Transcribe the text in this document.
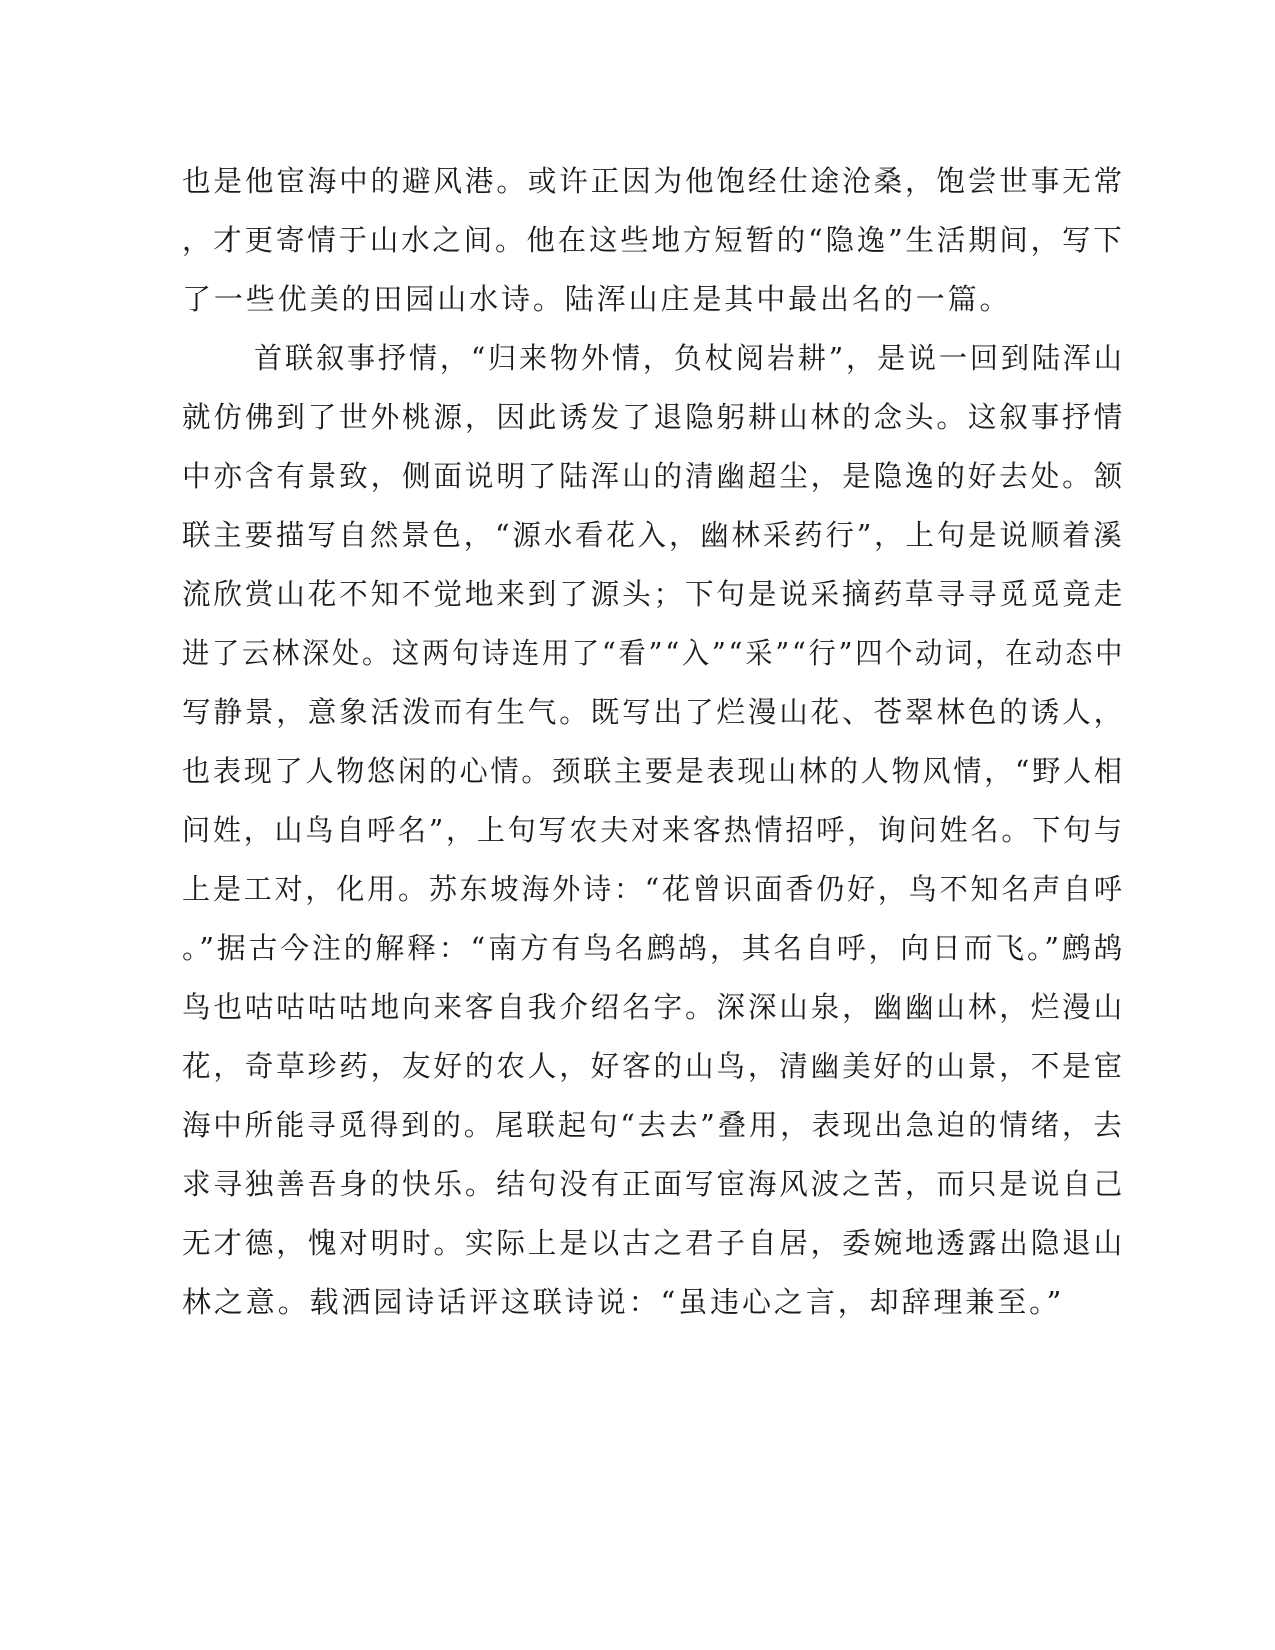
也是他宦海中的避风港。或许正因为他饱经仕途沧桑，饱尝世事无常
，才更寄情于山水之间。他在这些地方短暂的“隐逸”生活期间，写下
了一些优美的田园山水诗。陆浑山庄是其中最出名的一篇。
首联叙事抒情，“归来物外情，负杖阅岩耕”，是说一回到陆浑山
就仿佛到了世外桃源，因此诱发了退隐躬耕山林的念头。这叙事抒情
中亦含有景致，侧面说明了陆浑山的清幽超尘，是隐逸的好去处。颔
联主要描写自然景色，“源水看花入，幽林采药行”，上句是说顺着溪
流欣赏山花不知不觉地来到了源头；下句是说采摘药草寻寻觅觅竟走
进了云林深处。这两句诗连用了“看”“入”“采”“行”四个动词，在动态中
写静景，意象活泼而有生气。既写出了烂漫山花、苍翠林色的诱人，
也表现了人物悠闲的心情。颈联主要是表现山林的人物风情，“野人相
问姓，山鸟自呼名”，上句写农夫对来客热情招呼，询问姓名。下句与
上是工对，化用。苏东坡海外诗：“花曾识面香仍好，鸟不知名声自呼
。”据古今注的解释：“南方有鸟名鹧鸪，其名自呼，向日而飞。”鹧鸪
鸟也咕咕咕咕地向来客自我介绍名字。深深山泉，幽幽山林，烂漫山
花，奇草珍药，友好的农人，好客的山鸟，清幽美好的山景，不是宦
海中所能寻觅得到的。尾联起句“去去”叠用，表现出急迫的情绪，去
求寻独善吾身的快乐。结句没有正面写宦海风波之苦，而只是说自己
无才德，愧对明时。实际上是以古之君子自居，委婉地透露出隐退山
林之意。载洒园诗话评这联诗说：“虽违心之言，却辞理兼至。”
